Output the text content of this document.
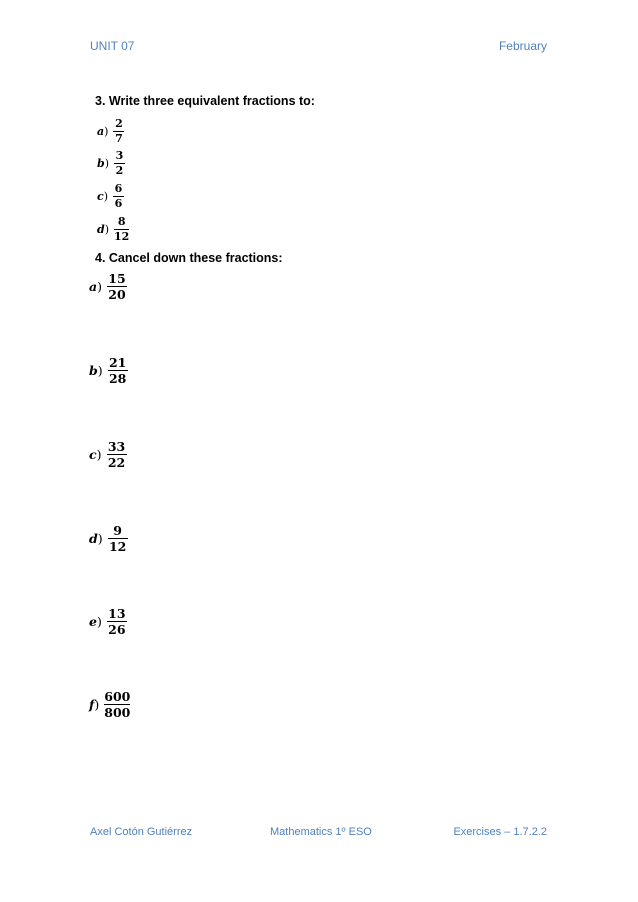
UNIT 07	February
3. Write three equivalent fractions to:
a ) $\frac{2}{7}$
b ) $\frac{3}{2}$
c ) $\frac{6}{6}$
d ) $\frac{8}{12}$
4. Cancel down these fractions:
a ) $\frac{15}{20}$
b ) $\frac{21}{28}$
c ) $\frac{33}{22}$
d ) $\frac{9}{12}$
e ) $\frac{13}{26}$
f ) $\frac{600}{800}$
Axel Cotón Gutiérrez	Mathematics 1º ESO	Exercises – 1.7.2.2
